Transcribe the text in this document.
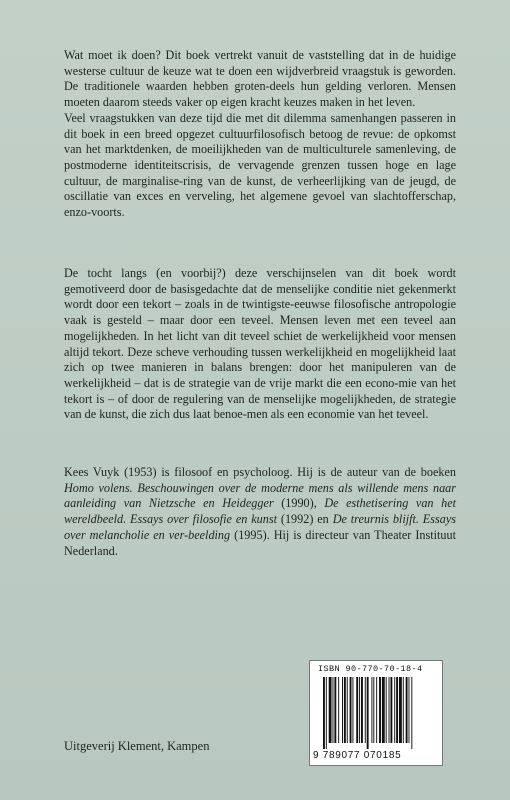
Wat moet ik doen? Dit boek vertrekt vanuit de vaststelling dat in de huidige westerse cultuur de keuze wat te doen een wijdverbreid vraagstuk is geworden. De traditionele waarden hebben groten-deels hun gelding verloren. Mensen moeten daarom steeds vaker op eigen kracht keuzes maken in het leven.

Veel vraagstukken van deze tijd die met dit dilemma samenhangen passeren in dit boek in een breed opgezet cultuurfilosofisch betoog de revue: de opkomst van het marktdenken, de moeilijkheden van de multiculturele samenleving, de postmoderne identiteitscrisis, de vervagende grenzen tussen hoge en lage cultuur, de marginalise-ring van de kunst, de verheerlijking van de jeugd, de oscillatie van exces en verveling, het algemene gevoel van slachtofferschap, enzo-voorts.

De tocht langs (en voorbij?) deze verschijnselen van dit boek wordt gemotiveerd door de basisgedachte dat de menselijke conditie niet gekenmerkt wordt door een tekort – zoals in de twintigste-eeuwse filosofische antropologie vaak is gesteld – maar door een teveel. Mensen leven met een teveel aan mogelijkheden. In het licht van dit teveel schiet de werkelijkheid voor mensen altijd tekort. Deze scheve verhouding tussen werkelijkheid en mogelijkheid laat zich op twee manieren in balans brengen: door het manipuleren van de werkelijkheid – dat is de strategie van de vrije markt die een econo-mie van het tekort is – of door de regulering van de menselijke mogelijkheden, de strategie van de kunst, die zich dus laat benoe-men als een economie van het teveel.

Kees Vuyk (1953) is filosoof en psycholoog. Hij is de auteur van de boeken Homo volens. Beschouwingen over de moderne mens als willende mens naar aanleiding van Nietzsche en Heidegger (1990), De esthetisering van het wereldbeeld. Essays over filosofie en kunst (1992) en De treurnis blijft. Essays over melancholie en ver-beelding (1995). Hij is directeur van Theater Instituut Nederland.

ISBN 90-770-70-18-4
9 789077 070185
Uitgeverij Klement, Kampen
